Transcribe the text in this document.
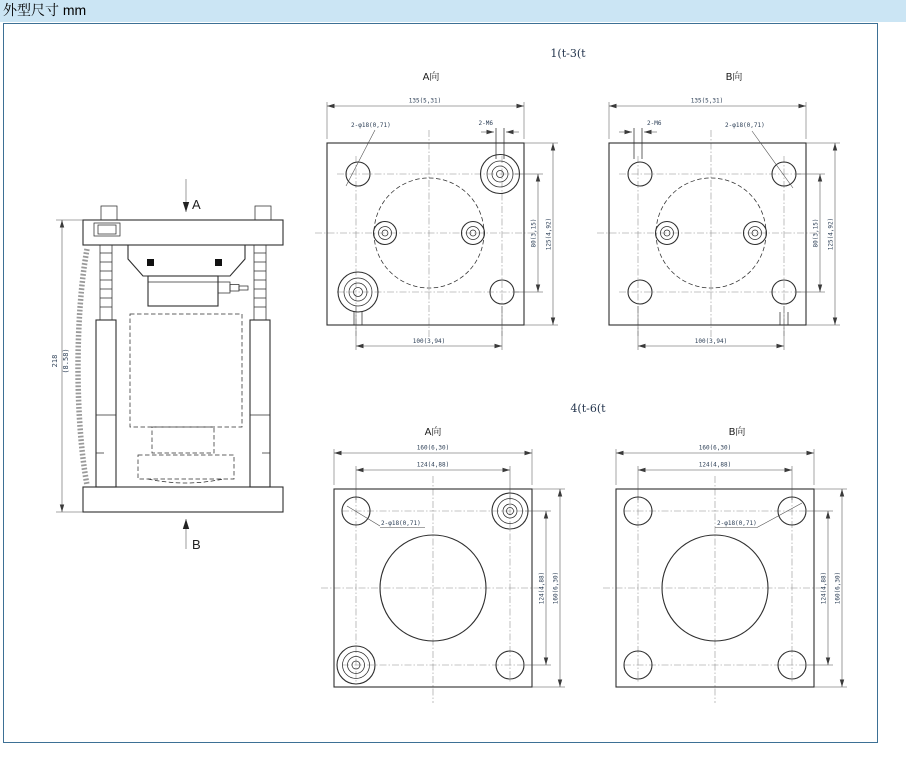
外型尺寸 mm
1(t-3(t
A向	B向
4(t-6(t
A向	B向
A
218 (8.58)
B
135(5,31)
2-φ18(0,71)	2-M6
100(3,94)
80(3,15) 125(4,92)
135(5,31)
2-φ18(0,71)
2-M6
100(3,94)
80(3,15) 125(4,92)
160(6,30)
124(4,88)
2-φ18(0,71)
124(4,88) 160(6,30)
160(6,30)
124(4,88)
2-φ18(0,71)
124(4,88) 160(6,30)
